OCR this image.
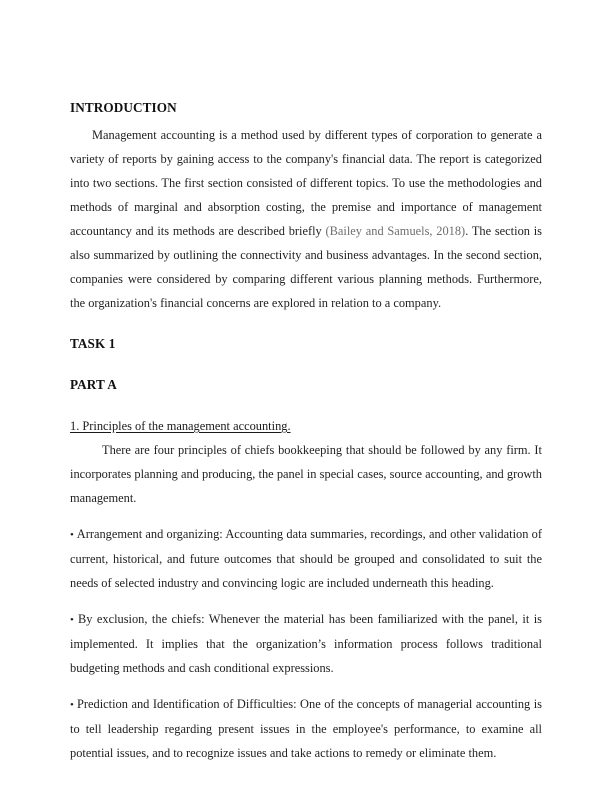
INTRODUCTION

Management accounting is a method used by different types of corporation to generate a variety of reports by gaining access to the company's financial data. The report is categorized into two sections. The first section consisted of different topics. To use the methodologies and methods of marginal and absorption costing, the premise and importance of management accountancy and its methods are described briefly (Bailey and Samuels, 2018). The section is also summarized by outlining the connectivity and business advantages. In the second section, companies were considered by comparing different various planning methods. Furthermore, the organization's financial concerns are explored in relation to a company.

TASK 1
PART A
1. Principles of the management accounting.

There are four principles of chiefs bookkeeping that should be followed by any firm. It incorporates planning and producing, the panel in special cases, source accounting, and growth management.

• Arrangement and organizing: Accounting data summaries, recordings, and other validation of current, historical, and future outcomes that should be grouped and consolidated to suit the needs of selected industry and convincing logic are included underneath this heading.

• By exclusion, the chiefs: Whenever the material has been familiarized with the panel, it is implemented. It implies that the organization’s information process follows traditional budgeting methods and cash conditional expressions.

• Prediction and Identification of Difficulties: One of the concepts of managerial accounting is to tell leadership regarding present issues in the employee's performance, to examine all potential issues, and to recognize issues and take actions to remedy or eliminate them.
